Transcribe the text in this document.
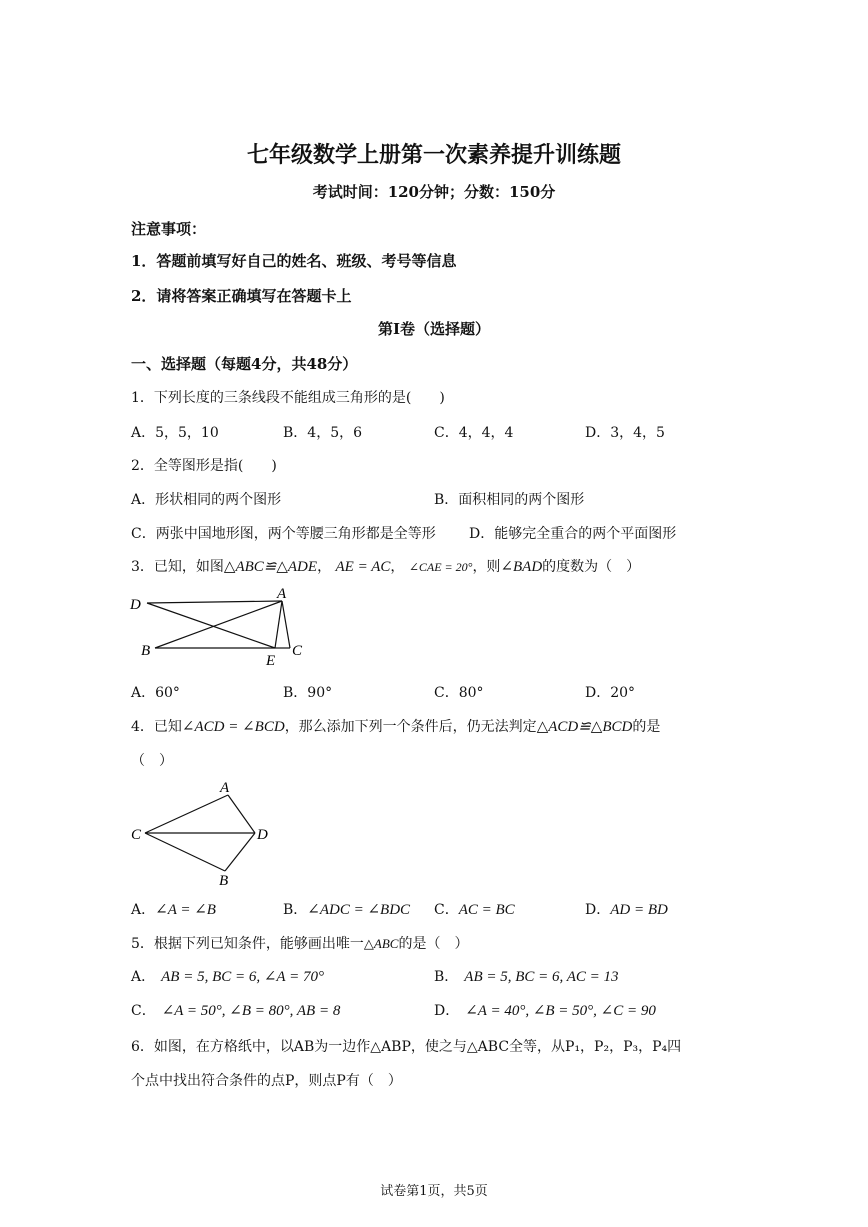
七年级数学上册第一次素养提升训练题
考试时间：120分钟；分数：150分
注意事项：
1．答题前填写好自己的姓名、班级、考号等信息
2．请将答案正确填写在答题卡上
第I卷（选择题）
一、选择题（每题4分，共48分）
1．下列长度的三条线段不能组成三角形的是(　　)
A．5，5，10	B．4，5，6	C．4，4，4	D．3，4，5
2．全等图形是指(　　)
A．形状相同的两个图形	B．面积相同的两个图形
C．两张中国地形图，两个等腰三角形都是全等形 D．能够完全重合的两个平面图形
3．已知，如图△ABC≌△ADE， AE = AC， ∠CAE = 20°，则∠BAD的度数为（　）
D
A
B
E
C
A．60°	B．90°	C．80°	D．20°
4．已知∠ACD = ∠BCD，那么添加下列一个条件后，仍无法判定△ACD≌△BCD的是
（　）
A
C	D
B
A．∠A = ∠B	B．∠ADC = ∠BDC C．AC = BC	D．AD = BD
5．根据下列已知条件，能够画出唯一△ABC的是（　）
A． AB = 5, BC = 6, ∠A = 70°	B． AB = 5, BC = 6, AC = 13
C． ∠A = 50°, ∠B = 80°, AB = 8	D． ∠A = 40°, ∠B = 50°, ∠C = 90
6．如图，在方格纸中，以AB为一边作△ABP，使之与△ABC全等，从P₁，P₂，P₃，P₄四
个点中找出符合条件的点P，则点P有（　）
试卷第1页，共5页
